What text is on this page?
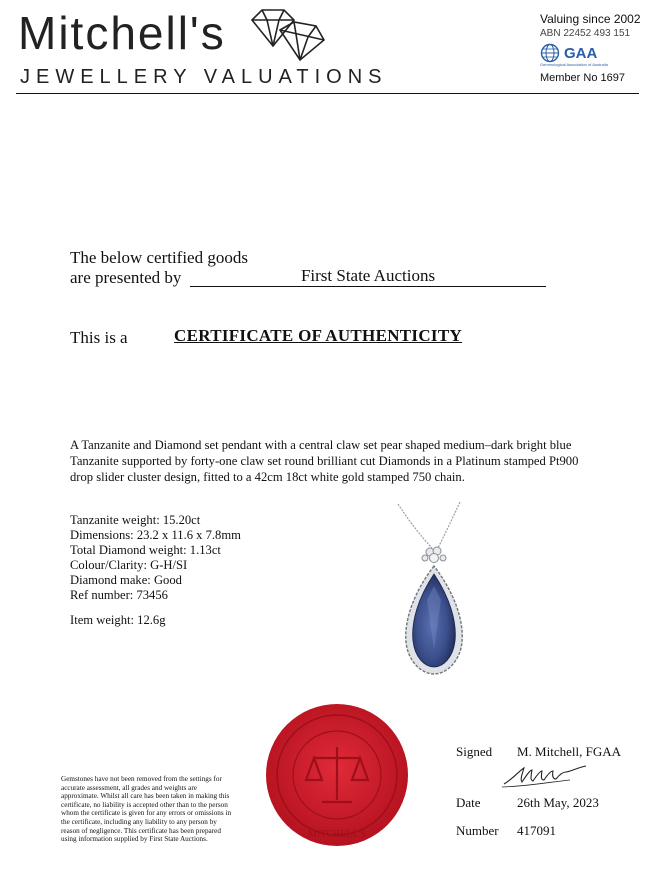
Mitchell's
JEWELLERY VALUATIONS
Valuing since 2002
ABN 22452 493 151
GAA
Gemmological Association of Australia
Member No 1697
The below certified goods
are presented by	First State Auctions
This is a	CERTIFICATE OF AUTHENTICITY
A Tanzanite and Diamond set pendant with a central claw set pear shaped medium–dark bright blue Tanzanite supported by forty-one claw set round brilliant cut Diamonds in a Platinum stamped Pt900 drop slider cluster design, fitted to a 42cm 18ct white gold stamped 750 chain.
Tanzanite weight: 15.20ct
Dimensions: 23.2 x 11.6 x 7.8mm
Total Diamond weight: 1.13ct
Colour/Clarity: G-H/SI
Diamond make: Good
Ref number: 73456
Item weight: 12.6g
MITCHELL'S
Gemstones have not been removed from the settings for accurate assessment, all grades and weights are approximate. Whilst all care has been taken in making this certificate, no liability is accepted other than to the person whom the certificate is given for any errors or omissions in the certificate, including any liability to any person by reason of negligence. This certificate has been prepared using information supplied by First State Auctions.
Signed M. Mitchell, FGAA
Date	26th May, 2023
Number 417091
